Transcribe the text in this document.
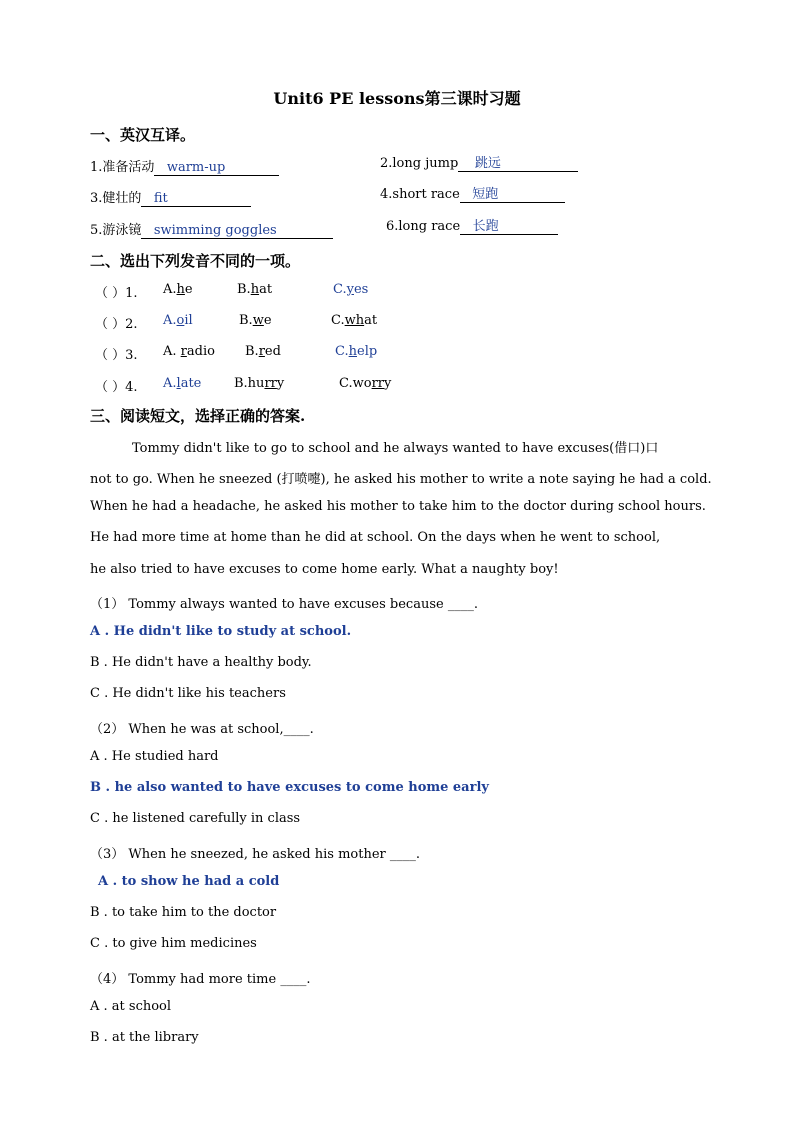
Unit6 PE lessons第三课时习题
一、英汉互译。
1.准备活动 warm-up	2.long jump 跳远
3.健壮的 fit	4.short race 短跑
5.游泳镜 swimming goggles	6.long race 长跑
二、选出下列发音不同的一项。
（ ）1. A.he	B.hat	C.yes
（ ）2. A.oil	B.we	C.what
（ ）3. A. radio B.red	C.help
（ ）4. A.late	B.hurry	C.worry
三、阅读短文，选择正确的答案.
Tommy didn't like to go to school and he always wanted to have excuses(借口)口
not to go. When he sneezed (打喷嚏), he asked his mother to write a note saying he had a cold.
When he had a headache, he asked his mother to take him to the doctor during school hours.
He had more time at home than he did at school. On the days when he went to school,
he also tried to have excuses to come home early. What a naughty boy!
（1） Tommy always wanted to have excuses because ____.
A . He didn't like to study at school.
B . He didn't have a healthy body.
C . He didn't like his teachers
（2） When he was at school,____.
A . He studied hard
B . he also wanted to have excuses to come home early
C . he listened carefully in class
（3） When he sneezed, he asked his mother ____.
A . to show he had a cold
B . to take him to the doctor
C . to give him medicines
（4） Tommy had more time ____.
A . at school
B . at the library
